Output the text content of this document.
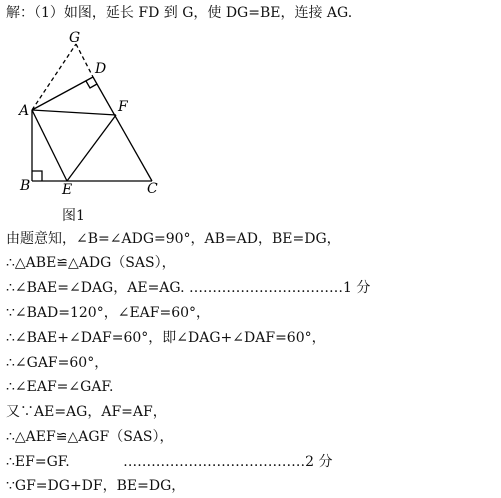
解：（1）如图，延长 FD 到 G，使 DG=BE，连接 AG.
G
D
A	F
B E	C
图1
由题意知，∠B=∠ADG=90°，AB=AD，BE=DG，
∴△ABE≌△ADG（SAS），
∴∠BAE=∠DAG，AE=AG. ……………………………1 分
∵∠BAD=120°，∠EAF=60°，
∴∠BAE+∠DAF=60°，即∠DAG+∠DAF=60°，
∴∠GAF=60°，
∴∠EAF=∠GAF.
又∵AE=AG，AF=AF，
∴△AEF≌△AGF（SAS），
∴EF=GF.            …………………………………2 分
∵GF=DG+DF，BE=DG，
